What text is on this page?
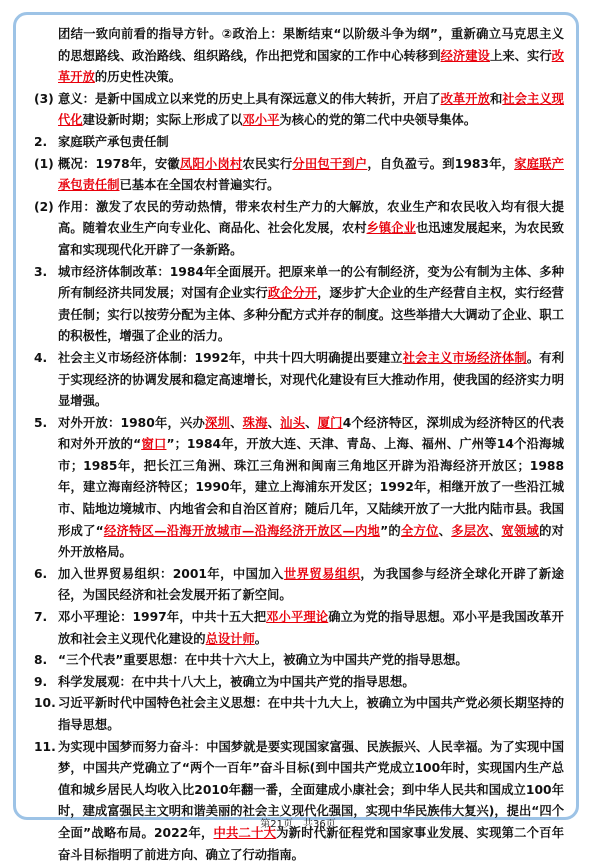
团结一致向前看的指导方针。②政治上：果断结束“以阶级斗争为纲”，重新确立马克思主义的思想路线、政治路线、组织路线，作出把党和国家的工作中心转移到经济建设上来、实行改革开放的历史性决策。
(3) 意义：是新中国成立以来党的历史上具有深远意义的伟大转折，开启了改革开放和社会主义现代化建设新时期；实际上形成了以邓小平为核心的党的第二代中央领导集体。
2. 家庭联产承包责任制
(1) 概况：1978年，安徽凤阳小岗村农民实行分田包干到户，自负盈亏。到1983年，家庭联产承包责任制已基本在全国农村普遍实行。
(2) 作用：激发了农民的劳动热情，带来农村生产力的大解放，农业生产和农民收入均有很大提高。随着农业生产向专业化、商品化、社会化发展，农村乡镇企业也迅速发展起来，为农民致富和实现现代化开辟了一条新路。
3. 城市经济体制改革：1984年全面展开。把原来单一的公有制经济，变为公有制为主体、多种所有制经济共同发展；对国有企业实行政企分开，逐步扩大企业的生产经营自主权，实行经营责任制；实行以按劳分配为主体、多种分配方式并存的制度。这些举措大大调动了企业、职工的积极性，增强了企业的活力。
4. 社会主义市场经济体制：1992年，中共十四大明确提出要建立社会主义市场经济体制。有利于实现经济的协调发展和稳定高速增长，对现代化建设有巨大推动作用，使我国的经济实力明显增强。
5. 对外开放：1980年，兴办深圳、珠海、汕头、厦门4个经济特区，深圳成为经济特区的代表和对外开放的“窗口”；1984年，开放大连、天津、青岛、上海、福州、广州等14个沿海城市；1985年，把长江三角洲、珠江三角洲和闽南三角地区开辟为沿海经济开放区；1988年，建立海南经济特区；1990年，建立上海浦东开发区；1992年，相继开放了一些沿江城市、陆地边境城市、内地省会和自治区首府；随后几年，又陆续开放了一大批内陆市县。我国形成了“经济特区—沿海开放城市—沿海经济开放区—内地”的全方位、多层次、宽领域的对外开放格局。
6. 加入世界贸易组织：2001年，中国加入世界贸易组织，为我国参与经济全球化开辟了新途径，为国民经济和社会发展开拓了新空间。
7. 邓小平理论：1997年，中共十五大把邓小平理论确立为党的指导思想。邓小平是我国改革开放和社会主义现代化建设的总设计师。
8. “三个代表”重要思想：在中共十六大上，被确立为中国共产党的指导思想。
9. 科学发展观：在中共十八大上，被确立为中国共产党的指导思想。
10. 习近平新时代中国特色社会主义思想：在中共十九大上，被确立为中国共产党必须长期坚持的指导思想。
11. 为实现中国梦而努力奋斗：中国梦就是要实现国家富强、民族振兴、人民幸福。为了实现中国梦，中国共产党确立了“两个一百年”奋斗目标(到中国共产党成立100年时，实现国内生产总值和城乡居民人均收入比2010年翻一番，全面建成小康社会；到中华人民共和国成立100年时，建成富强民主文明和谐美丽的社会主义现代化强国，实现中华民族伟大复兴)，提出“四个全面”战略布局。2022年，中共二十大为新时代新征程党和国家事业发展、实现第二个百年奋斗目标指明了前进方向、确立了行动指南。
第21页，共36页
